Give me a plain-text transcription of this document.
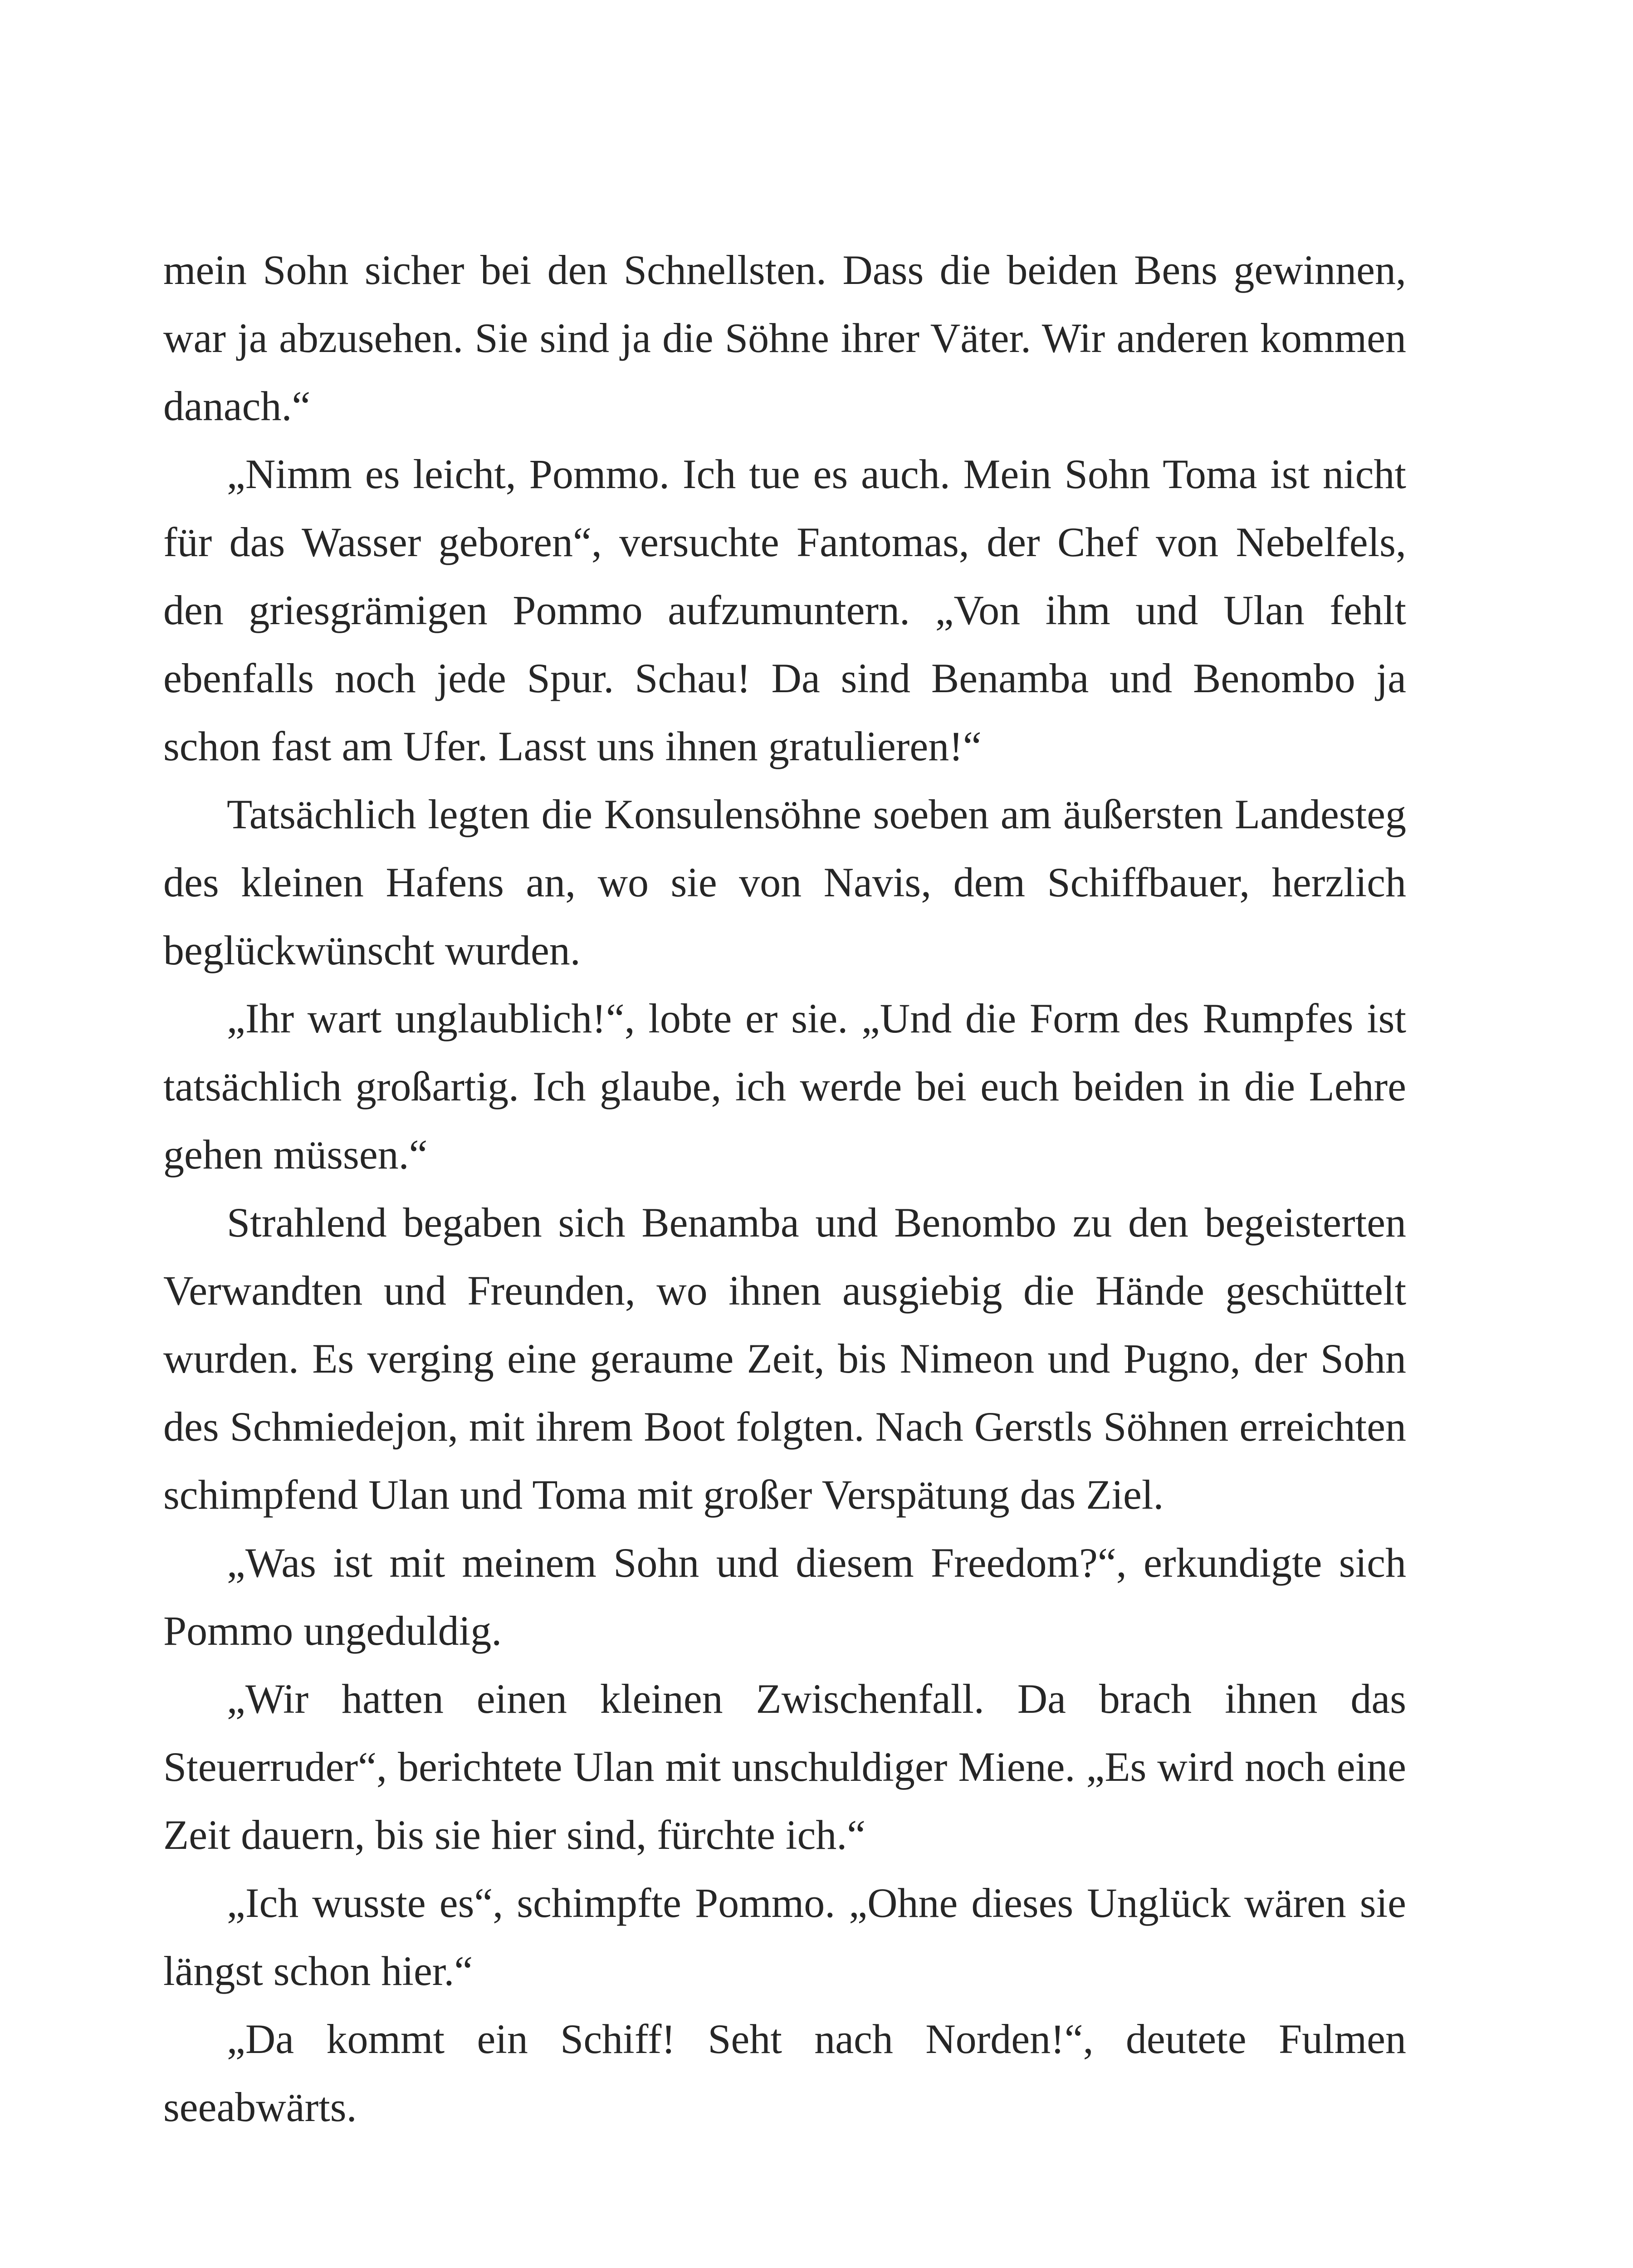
mein Sohn sicher bei den Schnellsten. Dass die beiden Bens gewinnen, war ja abzusehen. Sie sind ja die Söhne ihrer Väter. Wir anderen kommen danach.“

„Nimm es leicht, Pommo. Ich tue es auch. Mein Sohn Toma ist nicht für das Wasser geboren“, versuchte Fantomas, der Chef von Nebelfels, den griesgrämigen Pommo aufzumuntern. „Von ihm und Ulan fehlt ebenfalls noch jede Spur. Schau! Da sind Benamba und Benombo ja schon fast am Ufer. Lasst uns ihnen gratulieren!“

Tatsächlich legten die Konsulensöhne soeben am äußersten Landesteg des kleinen Hafens an, wo sie von Navis, dem Schiffbauer, herzlich beglückwünscht wurden.

„Ihr wart unglaublich!“, lobte er sie. „Und die Form des Rumpfes ist tatsächlich großartig. Ich glaube, ich werde bei euch beiden in die Lehre gehen müssen.“

Strahlend begaben sich Benamba und Benombo zu den begeisterten Verwandten und Freunden, wo ihnen ausgiebig die Hände geschüttelt wurden. Es verging eine geraume Zeit, bis Nimeon und Pugno, der Sohn des Schmiedejon, mit ihrem Boot folgten. Nach Gerstls Söhnen erreichten schimpfend Ulan und Toma mit großer Verspätung das Ziel.

„Was ist mit meinem Sohn und diesem Freedom?“, erkundigte sich Pommo ungeduldig.

„Wir hatten einen kleinen Zwischenfall. Da brach ihnen das Steuerruder“, berichtete Ulan mit unschuldiger Miene. „Es wird noch eine Zeit dauern, bis sie hier sind, fürchte ich.“

„Ich wusste es“, schimpfte Pommo. „Ohne dieses Unglück wären sie längst schon hier.“

„Da kommt ein Schiff! Seht nach Norden!“, deutete Fulmen seeabwärts.
